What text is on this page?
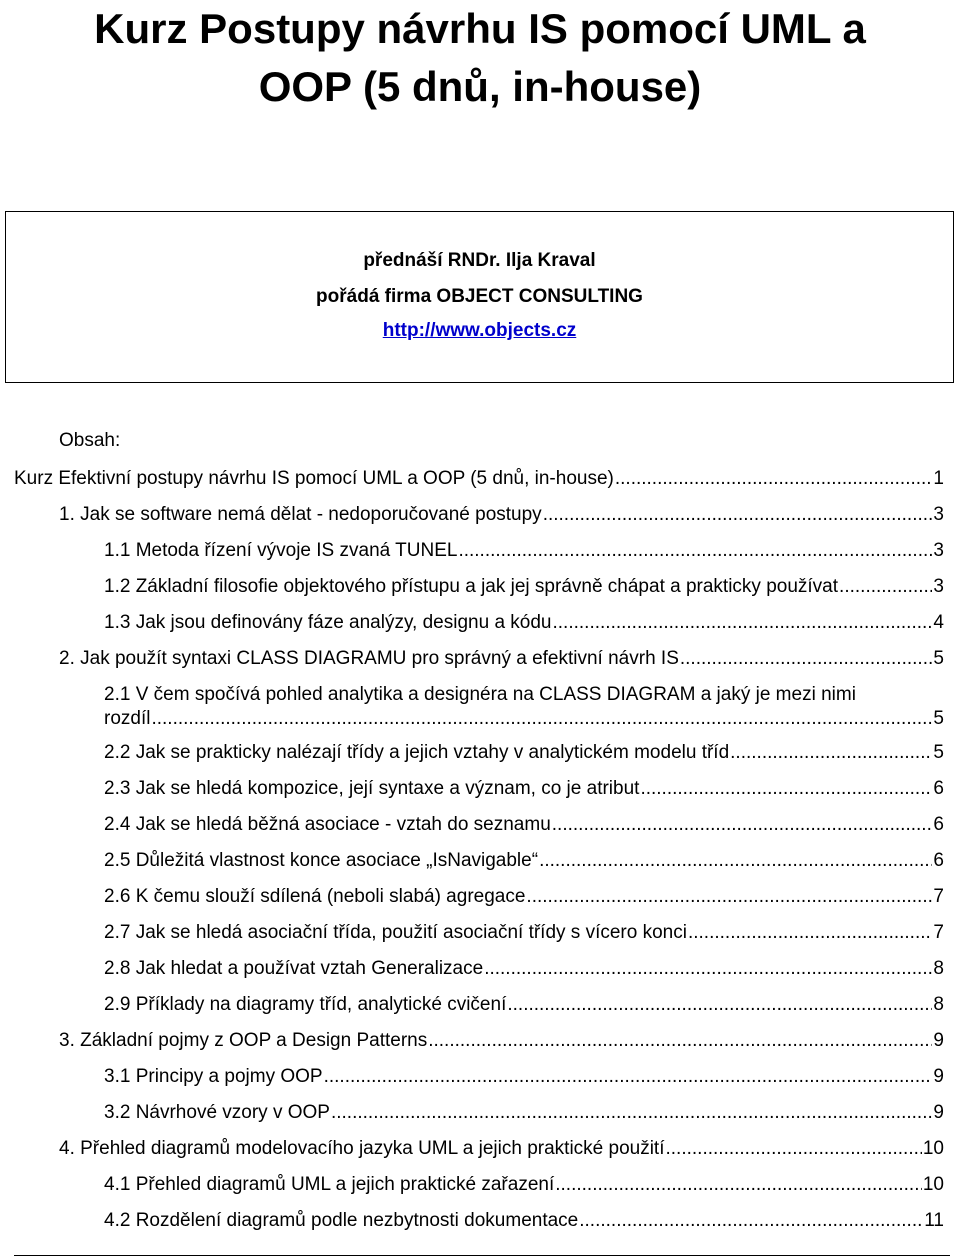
Kurz Postupy návrhu IS pomocí UML a
OOP (5 dnů, in-house)
přednáší RNDr. Ilja Kraval
pořádá firma OBJECT CONSULTING
http://www.objects.cz
Obsah:
Kurz Efektivní postupy návrhu IS pomocí UML a OOP (5 dnů, in-house) .....	1
1. Jak se software nemá dělat - nedoporučované postupy .....	3
1.1 Metoda řízení vývoje IS zvaná TUNEL .....	3
1.2 Základní filosofie objektového přístupu a jak jej správně chápat a prakticky používat .....	3
1.3 Jak jsou definovány fáze analýzy, designu a kódu .....	4
2. Jak použít syntaxi CLASS DIAGRAMU pro správný a efektivní návrh IS .....	5
2.1 V čem spočívá pohled analytika a designéra na CLASS DIAGRAM a jaký je mezi nimi
rozdíl .....	5
2.2 Jak se prakticky nalézají třídy a jejich vztahy v analytickém modelu tříd .....	5
2.3 Jak se hledá kompozice, její syntaxe a význam, co je atribut .....	6
2.4 Jak se hledá běžná asociace - vztah do seznamu .....	6
2.5 Důležitá vlastnost konce asociace „IsNavigable“ .....	6
2.6 K čemu slouží sdílená (neboli slabá) agregace .....	7
2.7 Jak se hledá asociační třída, použití asociační třídy s vícero konci .....	7
2.8 Jak hledat a používat vztah Generalizace .....	8
2.9 Příklady na diagramy tříd, analytické cvičení .....	8
3. Základní pojmy z OOP a Design Patterns .....	9
3.1 Principy a pojmy OOP .....	9
3.2 Návrhové vzory v OOP .....	9
4. Přehled diagramů modelovacího jazyka UML a jejich praktické použití .....	10
4.1 Přehled diagramů UML a jejich praktické zařazení .....	10
4.2 Rozdělení diagramů podle nezbytnosti dokumentace .....	11
